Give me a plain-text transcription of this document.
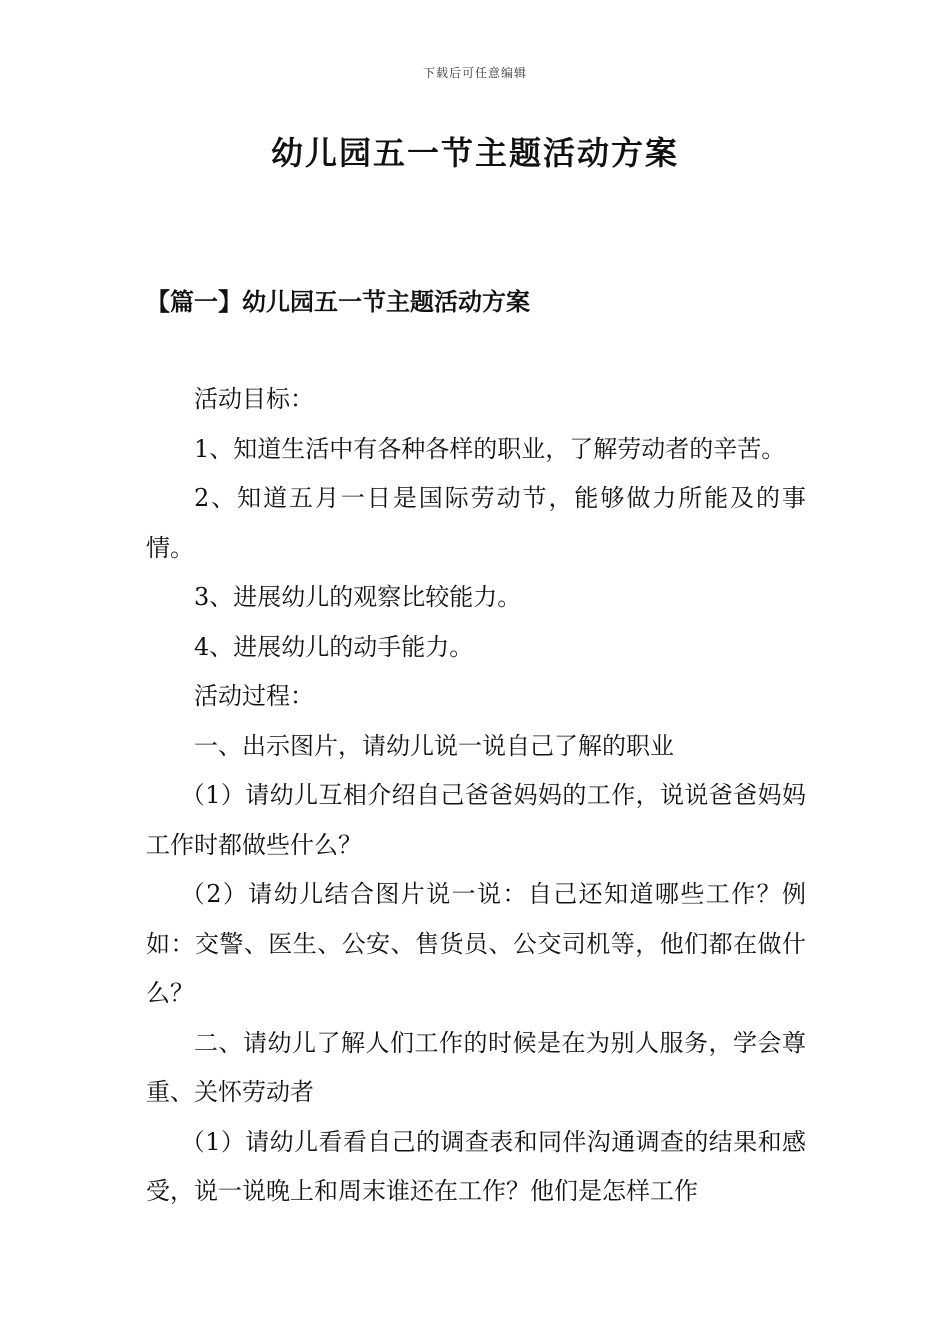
下载后可任意编辑
幼儿园五一节主题活动方案
【篇一】幼儿园五一节主题活动方案

活动目标：

1、知道生活中有各种各样的职业，了解劳动者的辛苦。

2、知道五月一日是国际劳动节，能够做力所能及的事情。

3、进展幼儿的观察比较能力。

4、进展幼儿的动手能力。

活动过程：

一、出示图片，请幼儿说一说自己了解的职业

（1）请幼儿互相介绍自己爸爸妈妈的工作，说说爸爸妈妈工作时都做些什么？

（2）请幼儿结合图片说一说：自己还知道哪些工作？例如：交警、医生、公安、售货员、公交司机等，他们都在做什么？

二、请幼儿了解人们工作的时候是在为别人服务，学会尊重、关怀劳动者

（1）请幼儿看看自己的调查表和同伴沟通调查的结果和感受，说一说晚上和周末谁还在工作？他们是怎样工作
